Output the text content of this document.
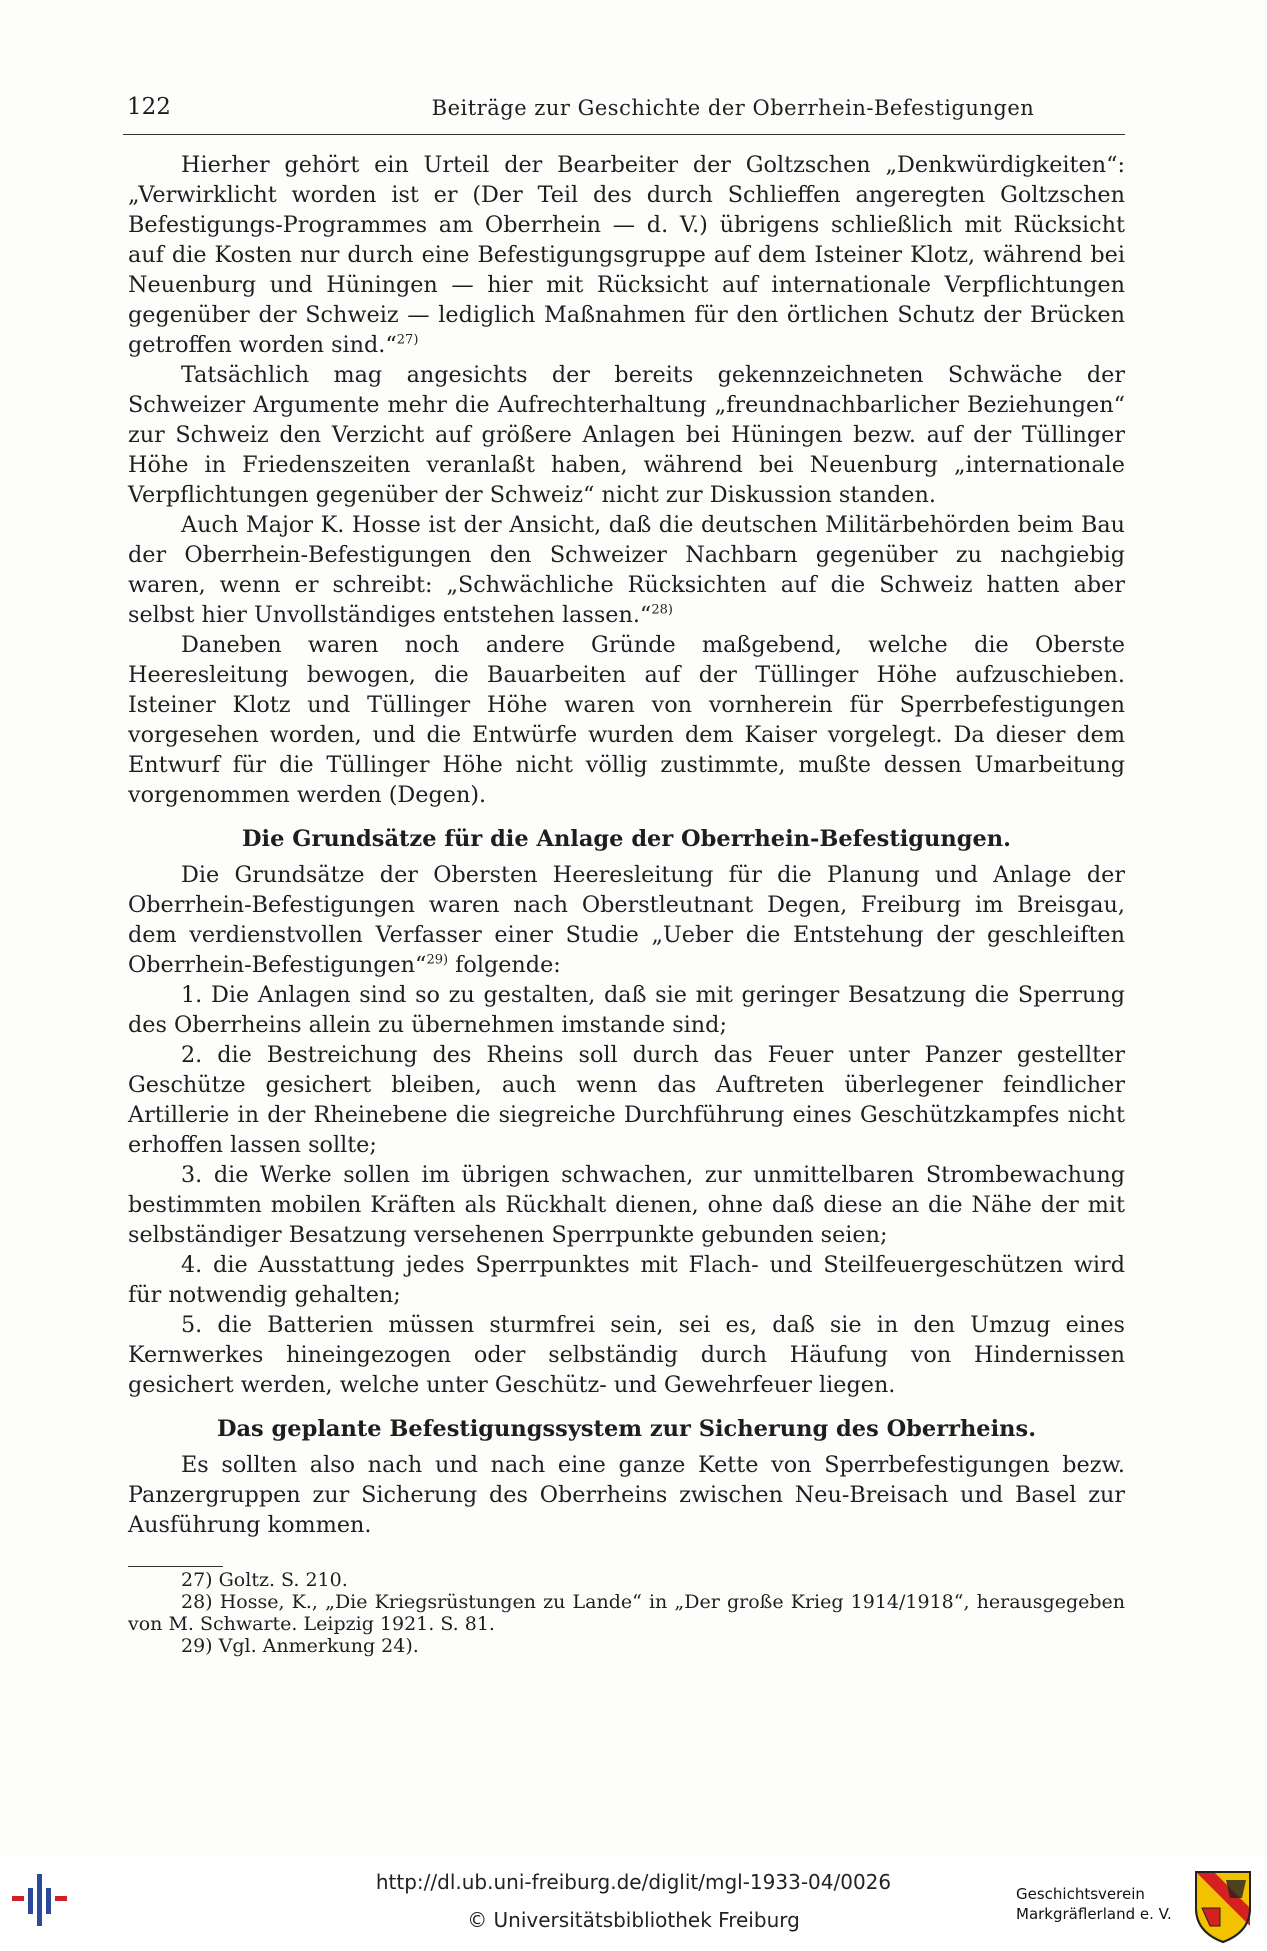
122	Beiträge zur Geschichte der Oberrhein-Befestigungen

Hierher gehört ein Urteil der Bearbeiter der Goltzschen „Denkwürdigkeiten“: „Verwirklicht worden ist er (Der Teil des durch Schlieffen angeregten Goltzschen Befestigungs-Programmes am Oberrhein — d. V.) übrigens schließlich mit Rücksicht auf die Kosten nur durch eine Befestigungsgruppe auf dem Isteiner Klotz, während bei Neuenburg und Hüningen — hier mit Rücksicht auf internationale Verpflichtungen gegenüber der Schweiz — lediglich Maßnahmen für den örtlichen Schutz der Brücken getroffen worden sind.“$^{27)}$

Tatsächlich mag angesichts der bereits gekennzeichneten Schwäche der Schweizer Argumente mehr die Aufrechterhaltung „freundnachbarlicher Beziehungen“ zur Schweiz den Verzicht auf größere Anlagen bei Hüningen bezw. auf der Tüllinger Höhe in Friedenszeiten veranlaßt haben, während bei Neuenburg „internationale Verpflichtungen gegenüber der Schweiz“ nicht zur Diskussion standen.

Auch Major K. Hosse ist der Ansicht, daß die deutschen Militärbehörden beim Bau der Oberrhein-Befestigungen den Schweizer Nachbarn gegenüber zu nachgiebig waren, wenn er schreibt: „Schwächliche Rücksichten auf die Schweiz hatten aber selbst hier Unvollständiges entstehen lassen.“$^{28)}$

Daneben waren noch andere Gründe maßgebend, welche die Oberste Heeresleitung bewogen, die Bauarbeiten auf der Tüllinger Höhe aufzuschieben. Isteiner Klotz und Tüllinger Höhe waren von vornherein für Sperrbefestigungen vorgesehen worden, und die Entwürfe wurden dem Kaiser vorgelegt. Da dieser dem Entwurf für die Tüllinger Höhe nicht völlig zustimmte, mußte dessen Umarbeitung vorgenommen werden (Degen).

Die Grundsätze für die Anlage der Oberrhein-Befestigungen.

Die Grundsätze der Obersten Heeresleitung für die Planung und Anlage der Oberrhein-Befestigungen waren nach Oberstleutnant Degen, Freiburg im Breisgau, dem verdienstvollen Verfasser einer Studie „Ueber die Entstehung der geschleiften Oberrhein-Befestigungen“$^{29)}$ folgende:

1. Die Anlagen sind so zu gestalten, daß sie mit geringer Besatzung die Sperrung des Oberrheins allein zu übernehmen imstande sind;
2. die Bestreichung des Rheins soll durch das Feuer unter Panzer gestellter Geschütze gesichert bleiben, auch wenn das Auftreten überlegener feindlicher Artillerie in der Rheinebene die siegreiche Durchführung eines Geschützkampfes nicht erhoffen lassen sollte;
3. die Werke sollen im übrigen schwachen, zur unmittelbaren Strombewachung bestimmten mobilen Kräften als Rückhalt dienen, ohne daß diese an die Nähe der mit selbständiger Besatzung versehenen Sperrpunkte gebunden seien;
4. die Ausstattung jedes Sperrpunktes mit Flach- und Steilfeuergeschützen wird für notwendig gehalten;
5. die Batterien müssen sturmfrei sein, sei es, daß sie in den Umzug eines Kernwerkes hineingezogen oder selbständig durch Häufung von Hindernissen gesichert werden, welche unter Geschütz- und Gewehrfeuer liegen.
Das geplante Befestigungssystem zur Sicherung des Oberrheins.

Es sollten also nach und nach eine ganze Kette von Sperrbefestigungen bezw. Panzergruppen zur Sicherung des Oberrheins zwischen Neu-Breisach und Basel zur Ausführung kommen.

27) Goltz. S. 210.

28) Hosse, K., „Die Kriegsrüstungen zu Lande“ in „Der große Krieg 1914/1918“, herausgegeben von M. Schwarte. Leipzig 1921. S. 81.

29) Vgl. Anmerkung 24).

http://dl.ub.uni-freiburg.de/diglit/mgl-1933-04/0026
© Universitätsbibliothek Freiburg
Geschichtsverein
Markgräflerland e. V.
